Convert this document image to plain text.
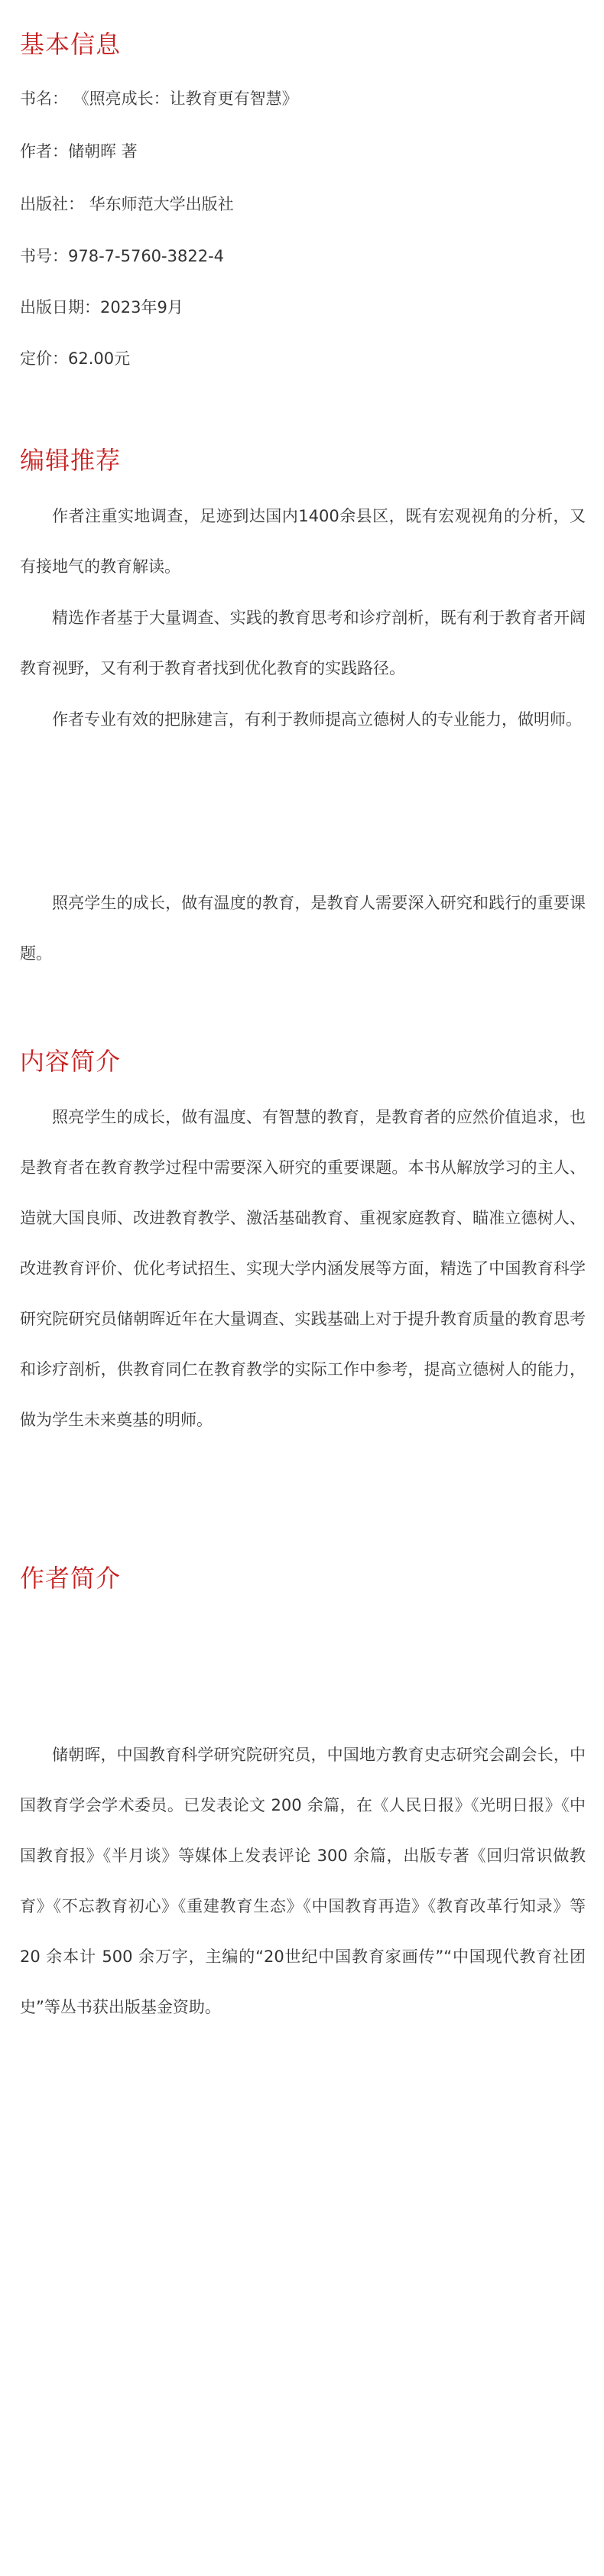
基本信息

书名： 《照亮成长：让教育更有智慧》

作者：储朝晖 著

出版社： 华东师范大学出版社

书号：978-7-5760-3822-4

出版日期：2023年9月

定价：62.00元

编辑推荐

作者注重实地调查，足迹到达国内1400余县区，既有宏观视角的分析，又有接地气的教育解读。

精选作者基于大量调查、实践的教育思考和诊疗剖析，既有利于教育者开阔教育视野，又有利于教育者找到优化教育的实践路径。

作者专业有效的把脉建言，有利于教师提高立德树人的专业能力，做明师。

照亮学生的成长，做有温度的教育，是教育人需要深入研究和践行的重要课题。

内容简介

照亮学生的成长，做有温度、有智慧的教育，是教育者的应然价值追求，也是教育者在教育教学过程中需要深入研究的重要课题。本书从解放学习的主人、造就大国良师、改进教育教学、激活基础教育、重视家庭教育、瞄准立德树人、改进教育评价、优化考试招生、实现大学内涵发展等方面，精选了中国教育科学研究院研究员储朝晖近年在大量调查、实践基础上对于提升教育质量的教育思考和诊疗剖析，供教育同仁在教育教学的实际工作中参考，提高立德树人的能力，做为学生未来奠基的明师。

作者简介

储朝晖，中国教育科学研究院研究员，中国地方教育史志研究会副会长，中国教育学会学术委员。已发表论文 200 余篇，在《人民日报》《光明日报》《中国教育报》《半月谈》等媒体上发表评论 300 余篇，出版专著《回归常识做教育》《不忘教育初心》《重建教育生态》《中国教育再造》《教育改革行知录》等 20 余本计 500 余万字，主编的“20世纪中国教育家画传”“中国现代教育社团史”等丛书获出版基金资助。
